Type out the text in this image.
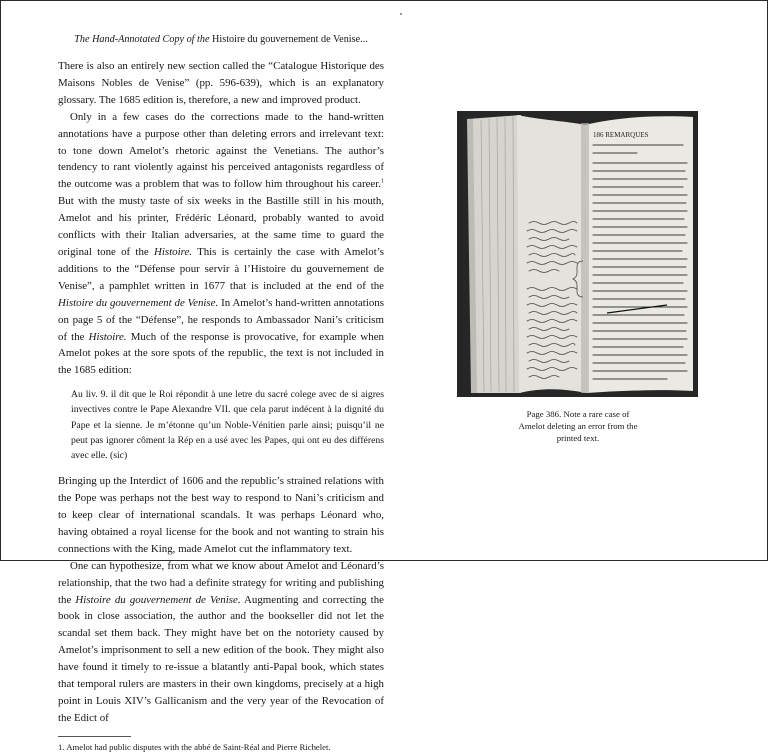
The Hand-Annotated Copy of the Histoire du gouvernement de Venise...

There is also an entirely new section called the “Catalogue Historique des Maisons Nobles de Venise” (pp. 596-639), which is an explanatory glossary. The 1685 edition is, therefore, a new and improved product.

Only in a few cases do the corrections made to the hand-written annotations have a purpose other than deleting errors and irrelevant text: to tone down Amelot’s rhetoric against the Venetians. The author’s tendency to rant violently against his perceived antagonists regardless of the outcome was a problem that was to follow him throughout his career.$^1$ But with the musty taste of six weeks in the Bastille still in his mouth, Amelot and his printer, Frédéric Léonard, probably wanted to avoid conflicts with their Italian adversaries, at the same time to guard the original tone of the Histoire. This is certainly the case with Amelot’s additions to the “Défense pour servir à l’Histoire du gouvernement de Venise”, a pamphlet written in 1677 that is included at the end of the Histoire du gouvernement de Venise. In Amelot’s hand-written annotations on page 5 of the “Défense”, he responds to Ambassador Nani’s criticism of the Histoire. Much of the response is provocative, for example when Amelot pokes at the sore spots of the republic, the text is not included in the 1685 edition:

Au liv. 9. il dit que le Roi répondit à une letre du sacré colege avec de si aigres invectives contre le Pape Alexandre VII. que cela parut indécent à la dignité du Pape et la sienne. Je m’étonne qu’un Noble-Vénitien parle ainsi; puisqu’il ne peut pas ignorer côment la Rép en a usé avec les Papes, qui ont eu des différens avec elle. (sic)

Bringing up the Interdict of 1606 and the republic’s strained relations with the Pope was perhaps not the best way to respond to Nani’s criticism and to keep clear of international scandals. It was perhaps Léonard who, having obtained a royal license for the book and not wanting to strain his connections with the King, made Amelot cut the inflammatory text.

One can hypothesize, from what we know about Amelot and Léonard’s relationship, that the two had a definite strategy for writing and publishing the Histoire du gouvernement de Venise. Augmenting and correcting the book in close association, the author and the bookseller did not let the scandal set them back. They might have bet on the notoriety caused by Amelot’s imprisonment to sell a new edition of the book. They might also have found it timely to re-issue a blatantly anti-Papal book, which states that temporal rulers are masters in their own kingdoms, precisely at a high point in Louis XIV’s Gallicanism and the very year of the Revocation of the Edict of

1. Amelot had public disputes with the abbé de Saint-Réal and Pierre Richelet.

186 REMARQUES
Page 386. Note a rare case of Amelot deleting an error from the printed text.
